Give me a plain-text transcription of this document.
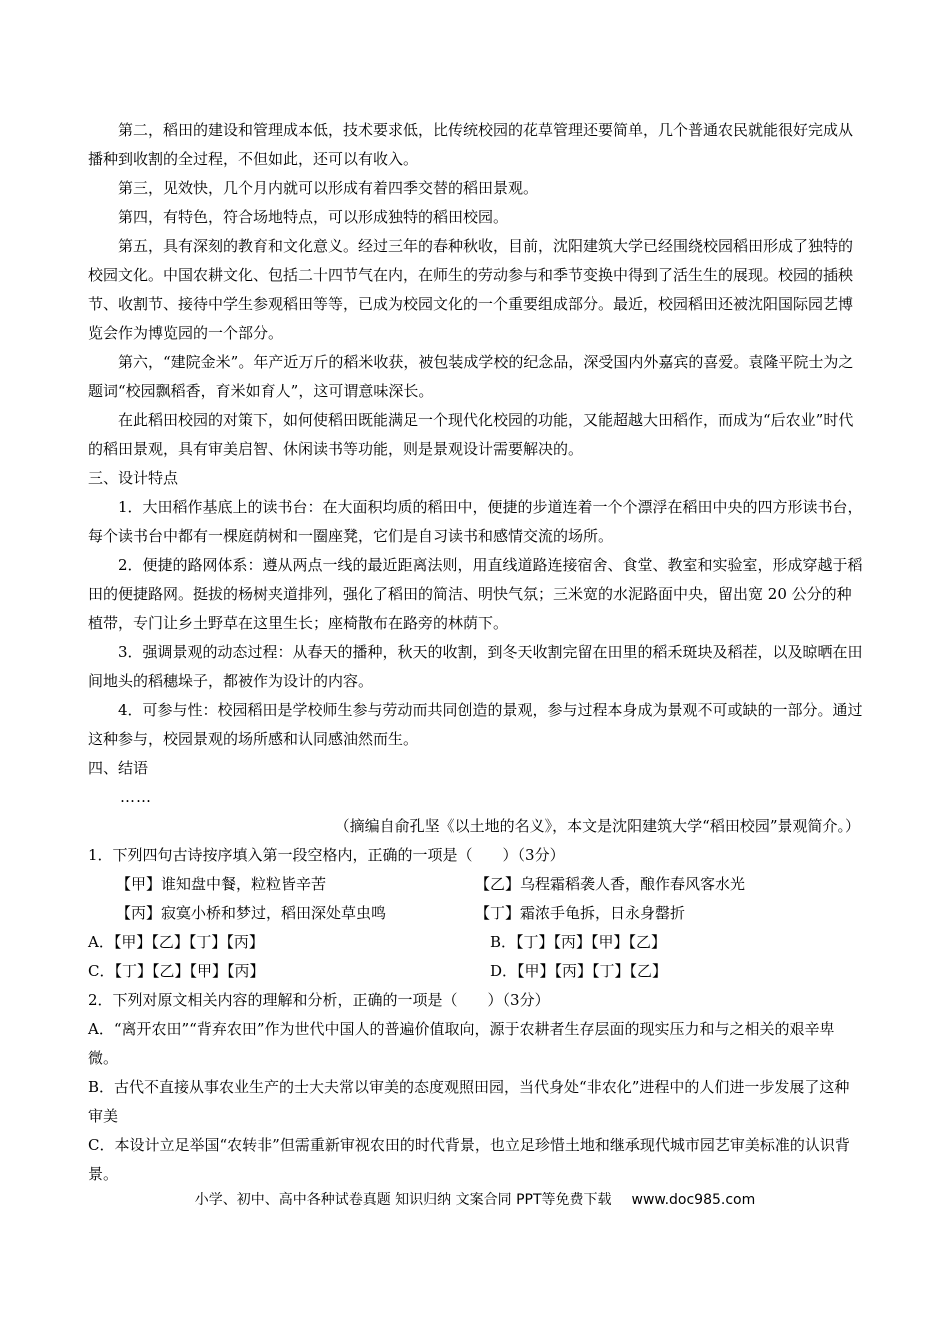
第二，稻田的建设和管理成本低，技术要求低，比传统校园的花草管理还要简单，几个普通农民就能很好完成从播种到收割的全过程，不但如此，还可以有收入。

第三，见效快，几个月内就可以形成有着四季交替的稻田景观。

第四，有特色，符合场地特点，可以形成独特的稻田校园。

第五，具有深刻的教育和文化意义。经过三年的春种秋收，目前，沈阳建筑大学已经围绕校园稻田形成了独特的校园文化。中国农耕文化、包括二十四节气在内，在师生的劳动参与和季节变换中得到了活生生的展现。校园的插秧节、收割节、接待中学生参观稻田等等，已成为校园文化的一个重要组成部分。最近，校园稻田还被沈阳国际园艺博览会作为博览园的一个部分。

第六，“建院金米”。年产近万斤的稻米收获，被包装成学校的纪念品，深受国内外嘉宾的喜爱。袁隆平院士为之题词“校园飘稻香，育米如育人”，这可谓意味深长。

在此稻田校园的对策下，如何使稻田既能满足一个现代化校园的功能，又能超越大田稻作，而成为“后农业”时代的稻田景观，具有审美启智、休闲读书等功能，则是景观设计需要解决的。

三、设计特点

1．大田稻作基底上的读书台：在大面积均质的稻田中，便捷的步道连着一个个漂浮在稻田中央的四方形读书台，每个读书台中都有一棵庭荫树和一圈座凳，它们是自习读书和感情交流的场所。

2．便捷的路网体系：遵从两点一线的最近距离法则，用直线道路连接宿舍、食堂、教室和实验室，形成穿越于稻田的便捷路网。挺拔的杨树夹道排列，强化了稻田的简洁、明快气氛；三米宽的水泥路面中央，留出宽 20 公分的种植带，专门让乡土野草在这里生长；座椅散布在路旁的林荫下。

3．强调景观的动态过程：从春天的播种，秋天的收割，到冬天收割完留在田里的稻禾斑块及稻茬，以及晾晒在田间地头的稻穗垛子，都被作为设计的内容。

4．可参与性：校园稻田是学校师生参与劳动而共同创造的景观，参与过程本身成为景观不可或缺的一部分。通过这种参与，校园景观的场所感和认同感油然而生。

四、结语

……

（摘编自俞孔坚《以土地的名义》，本文是沈阳建筑大学“稻田校园”景观简介。）

1．下列四句古诗按序填入第一段空格内，正确的一项是（　　）（3分）

【甲】谁知盘中餐，粒粒皆辛苦	【乙】乌程霜稻袭人香，酿作春风客水光
【丙】寂寞小桥和梦过，稻田深处草虫鸣	【丁】霜浓手龟拆，日永身罄折
A．【甲】【乙】【丁】【丙】	B．【丁】【丙】【甲】【乙】
C．【丁】【乙】【甲】【丙】	D．【甲】【丙】【丁】【乙】

2．下列对原文相关内容的理解和分析，正确的一项是（　　）（3分）

A．“离开农田”“背弃农田”作为世代中国人的普遍价值取向，源于农耕者生存层面的现实压力和与之相关的艰辛卑微。

B．古代不直接从事农业生产的士大夫常以审美的态度观照田园，当代身处“非农化”进程中的人们进一步发展了这种审美

C．本设计立足举国“农转非”但需重新审视农田的时代背景，也立足珍惜土地和继承现代城市园艺审美标准的认识背景。

小学、初中、高中各种试卷真题 知识归纳 文案合同 PPT等免费下载 www.doc985.com
